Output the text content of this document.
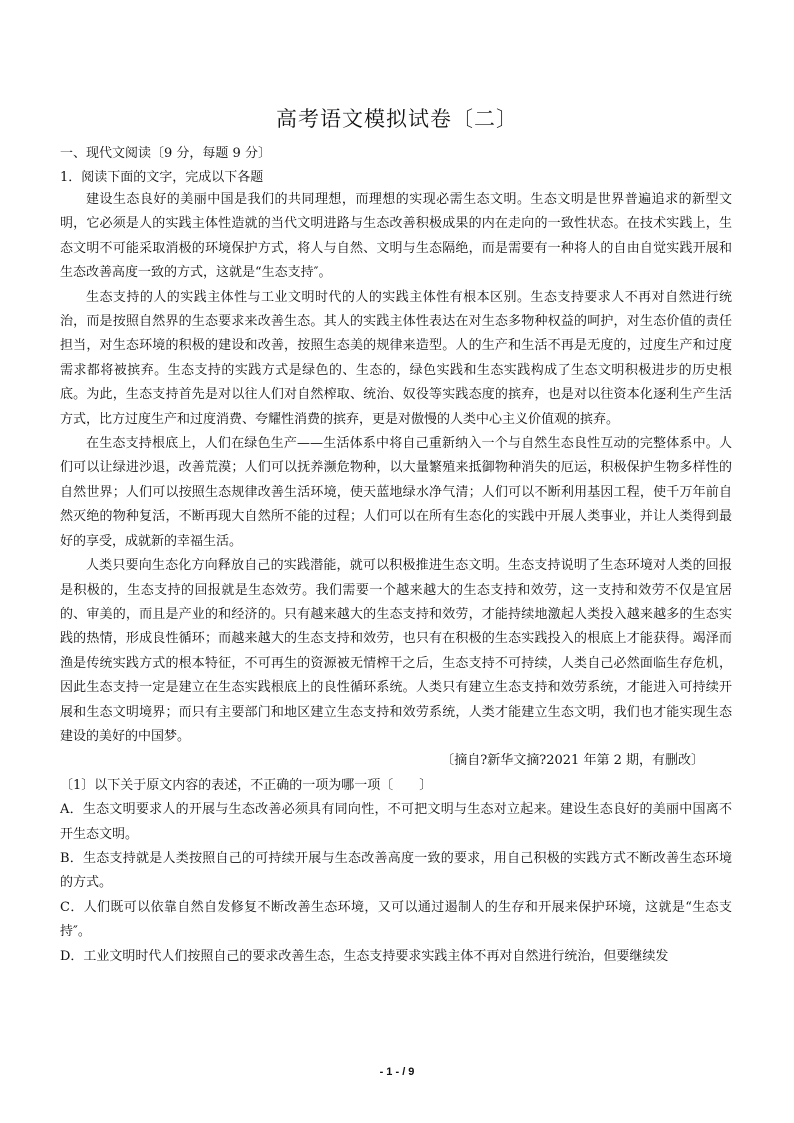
高考语文模拟试卷〔二〕
一、现代文阅读〔9 分，每题 9 分〕
1．阅读下面的文字，完成以下各题

建设生态良好的美丽中国是我们的共同理想，而理想的实现必需生态文明。生态文明是世界普遍追求的新型文明，它必须是人的实践主体性造就的当代文明进路与生态改善积极成果的内在走向的一致性状态。在技术实践上，生态文明不可能采取消极的环境保护方式，将人与自然、文明与生态隔绝，而是需要有一种将人的自由自觉实践开展和生态改善高度一致的方式，这就是“生态支持″。

生态支持的人的实践主体性与工业文明时代的人的实践主体性有根本区别。生态支持要求人不再对自然进行统治，而是按照自然界的生态要求来改善生态。其人的实践主体性表达在对生态多物种权益的呵护，对生态价值的责任担当，对生态环境的积极的建设和改善，按照生态美的规律来造型。人的生产和生活不再是无度的，过度生产和过度需求都将被摈弃。生态支持的实践方式是绿色的、生态的，绿色实践和生态实践构成了生态文明积极进步的历史根底。为此，生态支持首先是对以往人们对自然榨取、统治、奴役等实践态度的摈弃，也是对以往资本化逐利生产生活方式，比方过度生产和过度消费、夸耀性消费的摈弃，更是对傲慢的人类中心主义价值观的摈弃。

在生态支持根底上，人们在绿色生产——生活体系中将自己重新纳入一个与自然生态良性互动的完整体系中。人们可以让绿进沙退，改善荒漠；人们可以抚养濒危物种，以大量繁殖来抵御物种消失的厄运，积极保护生物多样性的自然世界；人们可以按照生态规律改善生活环境，使天蓝地绿水净气清；人们可以不断利用基因工程，使千万年前自然灭绝的物种复活，不断再现大自然所不能的过程；人们可以在所有生态化的实践中开展人类事业，并让人类得到最好的享受，成就新的幸福生活。

人类只要向生态化方向释放自己的实践潜能，就可以积极推进生态文明。生态支持说明了生态环境对人类的回报是积极的，生态支持的回报就是生态效劳。我们需要一个越来越大的生态支持和效劳，这一支持和效劳不仅是宜居的、审美的，而且是产业的和经济的。只有越来越大的生态支持和效劳，才能持续地激起人类投入越来越多的生态实践的热情，形成良性循环；而越来越大的生态支持和效劳，也只有在积极的生态实践投入的根底上才能获得。竭泽而渔是传统实践方式的根本特征，不可再生的资源被无情榨干之后，生态支持不可持续，人类自己必然面临生存危机，因此生态支持一定是建立在生态实践根底上的良性循环系统。人类只有建立生态支持和效劳系统，才能进入可持续开展和生态文明境界；而只有主要部门和地区建立生态支持和效劳系统，人类才能建立生态文明，我们也才能实现生态建设的美好的中国梦。

〔摘自?新华文摘?2021 年第 2 期，有删改〕
〔1〕以下关于原文内容的表述，不正确的一项为哪一项〔　　〕
A．生态文明要求人的开展与生态改善必须具有同向性，不可把文明与生态对立起来。建设生态良好的美丽中国离不开生态文明。
B．生态支持就是人类按照自己的可持续开展与生态改善高度一致的要求，用自己积极的实践方式不断改善生态环境的方式。
C．人们既可以依靠自然自发修复不断改善生态环境，又可以通过遏制人的生存和开展来保护环境，这就是“生态支持″。
D．工业文明时代人们按照自己的要求改善生态，生态支持要求实践主体不再对自然进行统治，但要继续发
- 1 - / 9
